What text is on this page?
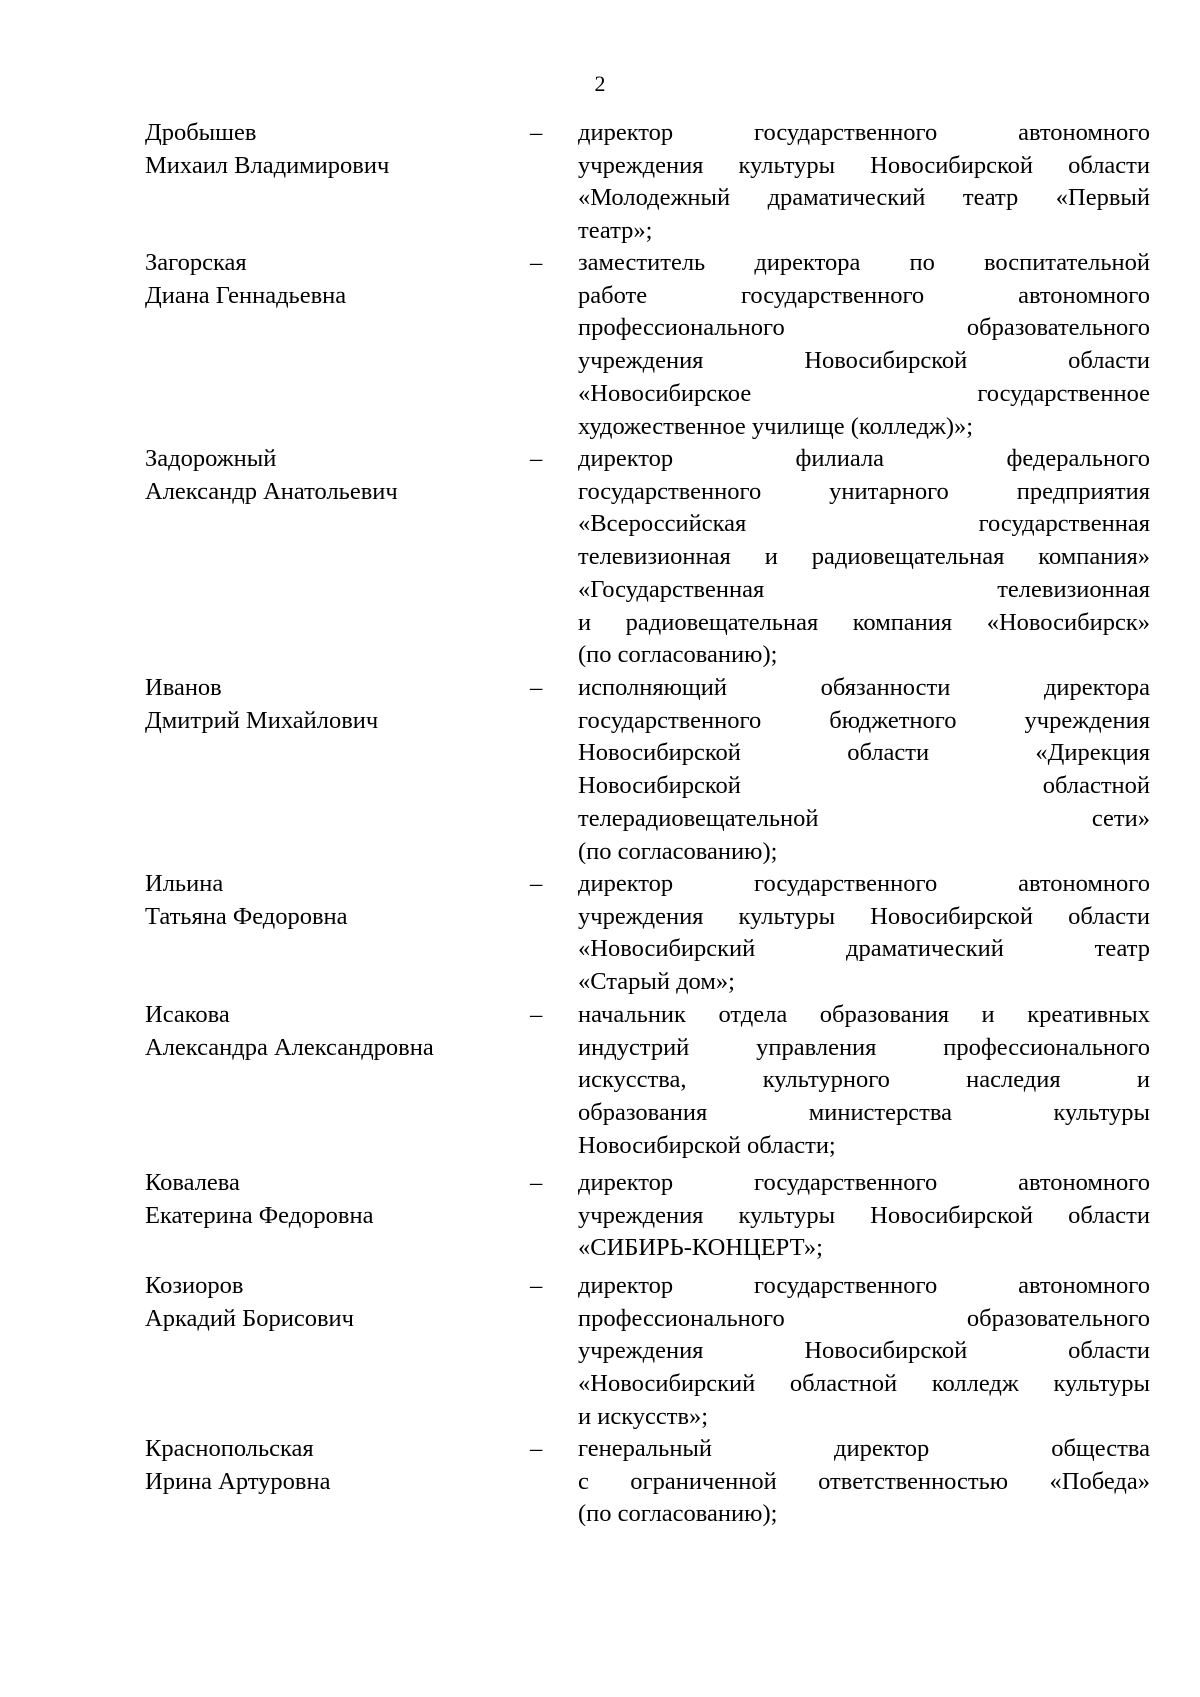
2
Дробышев
Михаил Владимирович
– директор государственного автономного
учреждения культуры Новосибирской области
«Молодежный драматический театр «Первый
театр»;
Загорская
Диана Геннадьевна
– заместитель директора по воспитательной
работе государственного автономного
профессионального образовательного
учреждения Новосибирской области
«Новосибирское государственное
художественное училище (колледж)»;
Задорожный
Александр Анатольевич
– директор филиала федерального
государственного унитарного предприятия
«Всероссийская государственная
телевизионная и радиовещательная компания»
«Государственная телевизионная
и радиовещательная компания «Новосибирск»
(по согласованию);
Иванов
Дмитрий Михайлович
– исполняющий обязанности директора
государственного бюджетного учреждения
Новосибирской области «Дирекция
Новосибирской областной
телерадиовещательной сети»
(по согласованию);
Ильина
Татьяна Федоровна
– директор государственного автономного
учреждения культуры Новосибирской области
«Новосибирский драматический театр
«Старый дом»;
Исакова
Александра Александровна
– начальник отдела образования и креативных
индустрий управления профессионального
искусства, культурного наследия и
образования министерства культуры
Новосибирской области;
Ковалева
Екатерина Федоровна
– директор государственного автономного
учреждения культуры Новосибирской области
«СИБИРЬ-КОНЦЕРТ»;
Козиоров
Аркадий Борисович
– директор государственного автономного
профессионального образовательного
учреждения Новосибирской области
«Новосибирский областной колледж культуры
и искусств»;
Краснопольская
Ирина Артуровна
– генеральный директор общества
с ограниченной ответственностью «Победа»
(по согласованию);
